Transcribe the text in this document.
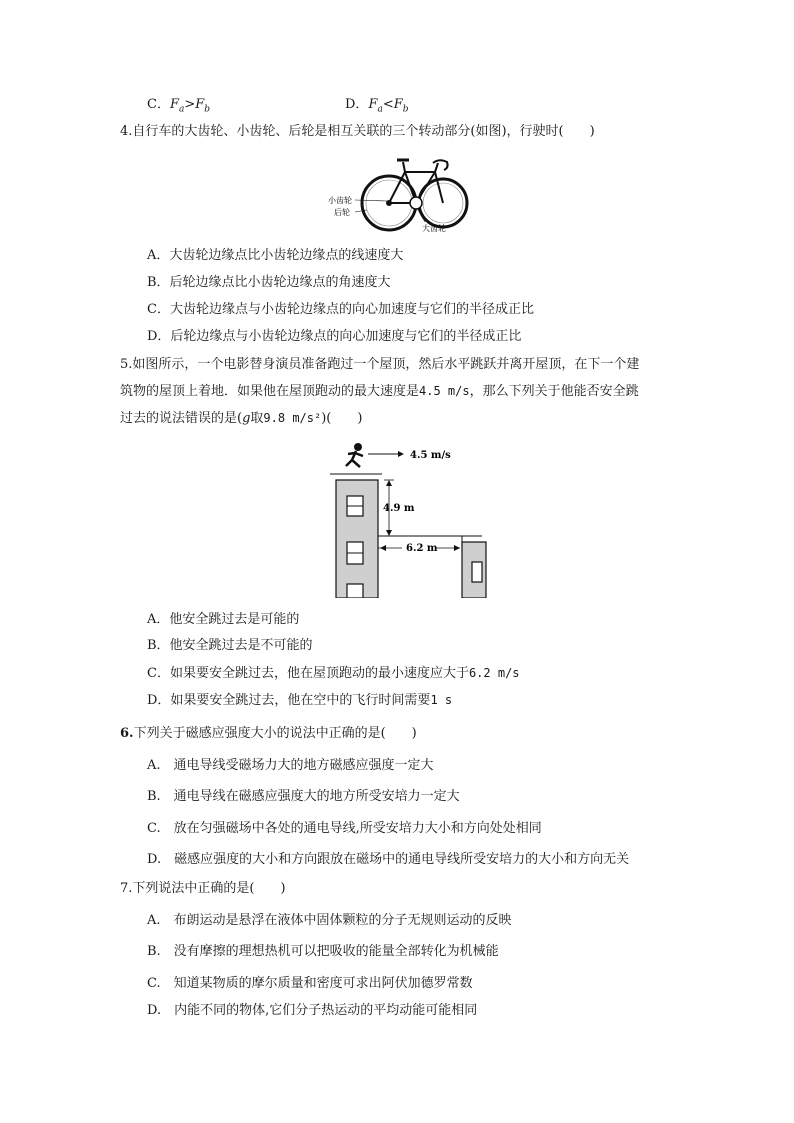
C．$F_a>F_b$	D．$F_a<F_b$
4.自行车的大齿轮、小齿轮、后轮是相互关联的三个转动部分(如图)，行驶时(　　)
小齿轮
后轮
大齿轮
A．大齿轮边缘点比小齿轮边缘点的线速度大
B．后轮边缘点比小齿轮边缘点的角速度大
C．大齿轮边缘点与小齿轮边缘点的向心加速度与它们的半径成正比
D．后轮边缘点与小齿轮边缘点的向心加速度与它们的半径成正比
5.如图所示，一个电影替身演员准备跑过一个屋顶，然后水平跳跃并离开屋顶，在下一个建
筑物的屋顶上着地．如果他在屋顶跑动的最大速度是4.5 m/s，那么下列关于他能否安全跳
过去的说法错误的是(g取9.8 m/s²)(　　)
4.5 m/s
4.9 m
6.2 m
A．他安全跳过去是可能的
B．他安全跳过去是不可能的
C．如果要安全跳过去，他在屋顶跑动的最小速度应大于6.2 m/s
D．如果要安全跳过去，他在空中的飞行时间需要1 s
6.下列关于磁感应强度大小的说法中正确的是(　　)
A.　通电导线受磁场力大的地方磁感应强度一定大
B.　通电导线在磁感应强度大的地方所受安培力一定大
C.　放在匀强磁场中各处的通电导线,所受安培力大小和方向处处相同
D.　磁感应强度的大小和方向跟放在磁场中的通电导线所受安培力的大小和方向无关
7.下列说法中正确的是(　　)
A.　布朗运动是悬浮在液体中固体颗粒的分子无规则运动的反映
B.　没有摩擦的理想热机可以把吸收的能量全部转化为机械能
C.　知道某物质的摩尔质量和密度可求出阿伏加德罗常数
D.　内能不同的物体,它们分子热运动的平均动能可能相同
